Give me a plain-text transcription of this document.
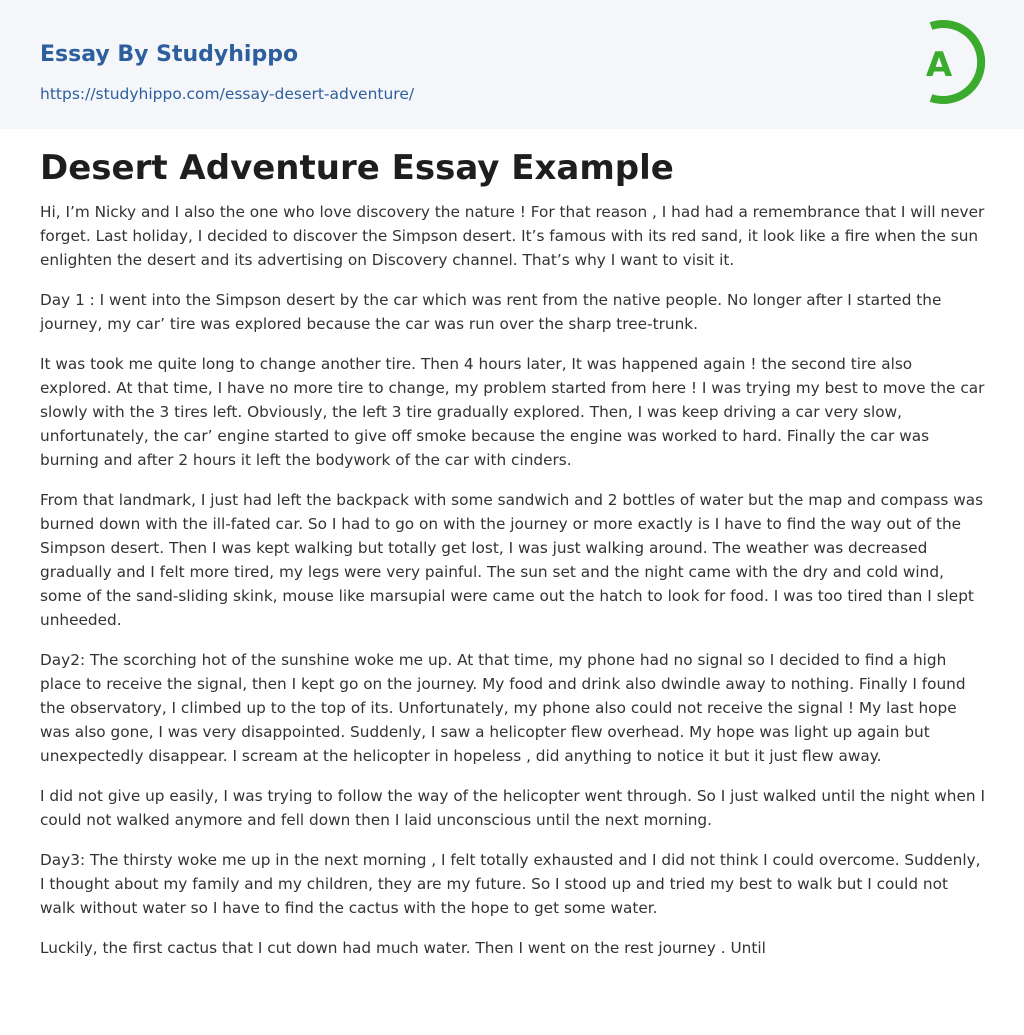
Essay By Studyhippo
https://studyhippo.com/essay-desert-adventure/
A
Desert Adventure Essay Example

Hi, I’m Nicky and I also the one who love discovery the nature ! For that reason , I had had a remembrance that I will never forget. Last holiday, I decided to discover the Simpson desert. It’s famous with its red sand, it look like a fire when the sun enlighten the desert and its advertising on Discovery channel. That’s why I want to visit it.

Day 1 : I went into the Simpson desert by the car which was rent from the native people. No longer after I started the journey, my car’ tire was explored because the car was run over the sharp tree-trunk.

It was took me quite long to change another tire. Then 4 hours later, It was happened again ! the second tire also explored. At that time, I have no more tire to change, my problem started from here ! I was trying my best to move the car slowly with the 3 tires left. Obviously, the left 3 tire gradually explored. Then, I was keep driving a car very slow, unfortunately, the car’ engine started to give off smoke because the engine was worked to hard. Finally the car was burning and after 2 hours it left the bodywork of the car with cinders.

From that landmark, I just had left the backpack with some sandwich and 2 bottles of water but the map and compass was burned down with the ill-fated car. So I had to go on with the journey or more exactly is I have to find the way out of the Simpson desert. Then I was kept walking but totally get lost, I was just walking around. The weather was decreased gradually and I felt more tired, my legs were very painful. The sun set and the night came with the dry and cold wind, some of the sand-sliding skink, mouse like marsupial were came out the hatch to look for food. I was too tired than I slept unheeded.

Day2: The scorching hot of the sunshine woke me up. At that time, my phone had no signal so I decided to find a high place to receive the signal, then I kept go on the journey. My food and drink also dwindle away to nothing. Finally I found the observatory, I climbed up to the top of its. Unfortunately, my phone also could not receive the signal ! My last hope was also gone, I was very disappointed. Suddenly, I saw a helicopter flew overhead. My hope was light up again but unexpectedly disappear. I scream at the helicopter in hopeless , did anything to notice it but it just flew away.

I did not give up easily, I was trying to follow the way of the helicopter went through. So I just walked until the night when I could not walked anymore and fell down then I laid unconscious until the next morning.

Day3: The thirsty woke me up in the next morning , I felt totally exhausted and I did not think I could overcome. Suddenly, I thought about my family and my children, they are my future. So I stood up and tried my best to walk but I could not walk without water so I have to find the cactus with the hope to get some water.

Luckily, the first cactus that I cut down had much water. Then I went on the rest journey . Until
